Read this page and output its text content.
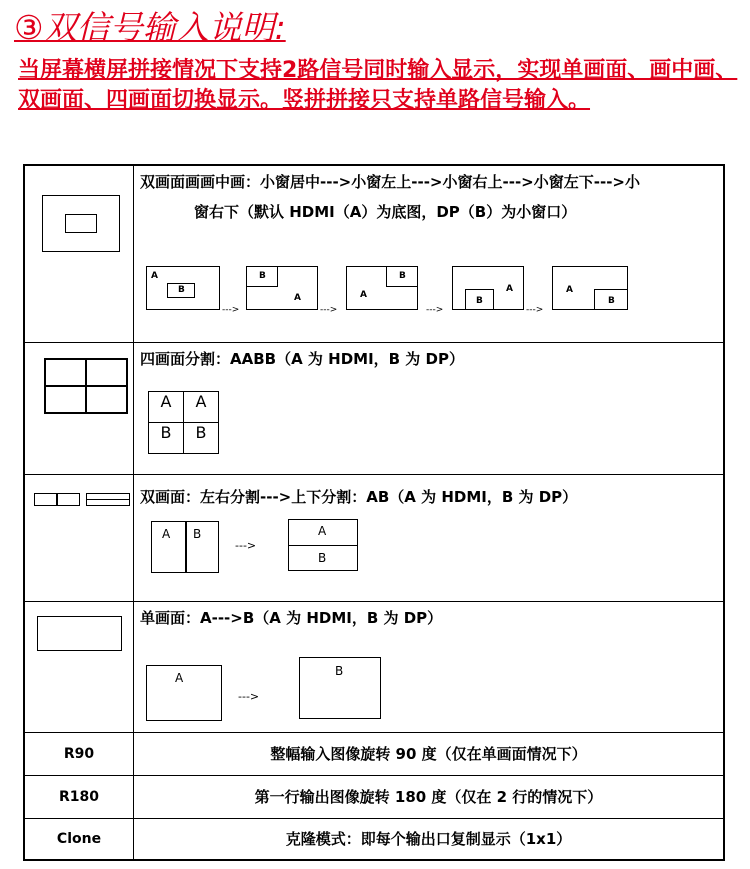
③双信号输入说明:
当屏幕横屏拼接情况下支持2路信号同时输入显示，实现单画面、画中画、双画面、四画面切换显示。竖拼拼接只支持单路信号输入。

双画面画画中画：小窗居中--->小窗左上--->小窗右上--->小窗左下--->小
窗右下（默认 HDMI（A）为底图，DP（B）为小窗口）
A
B
--->
B
A
--->
B
A
--->
B
A
--->
B
A

四画面分割：AABB（A 为 HDMI，B 为 DP）
A	A
B	B

双画面：左右分割--->上下分割：AB（A 为 HDMI，B 为 DP）
A B
--->
A
B

单画面：A--->B（A 为 HDMI，B 为 DP）
A
--->
B

R90	整幅输入图像旋转 90 度（仅在单画面情况下）
R180	第一行输出图像旋转 180 度（仅在 2 行的情况下）
Clone	克隆模式：即每个输出口复制显示（1x1）
